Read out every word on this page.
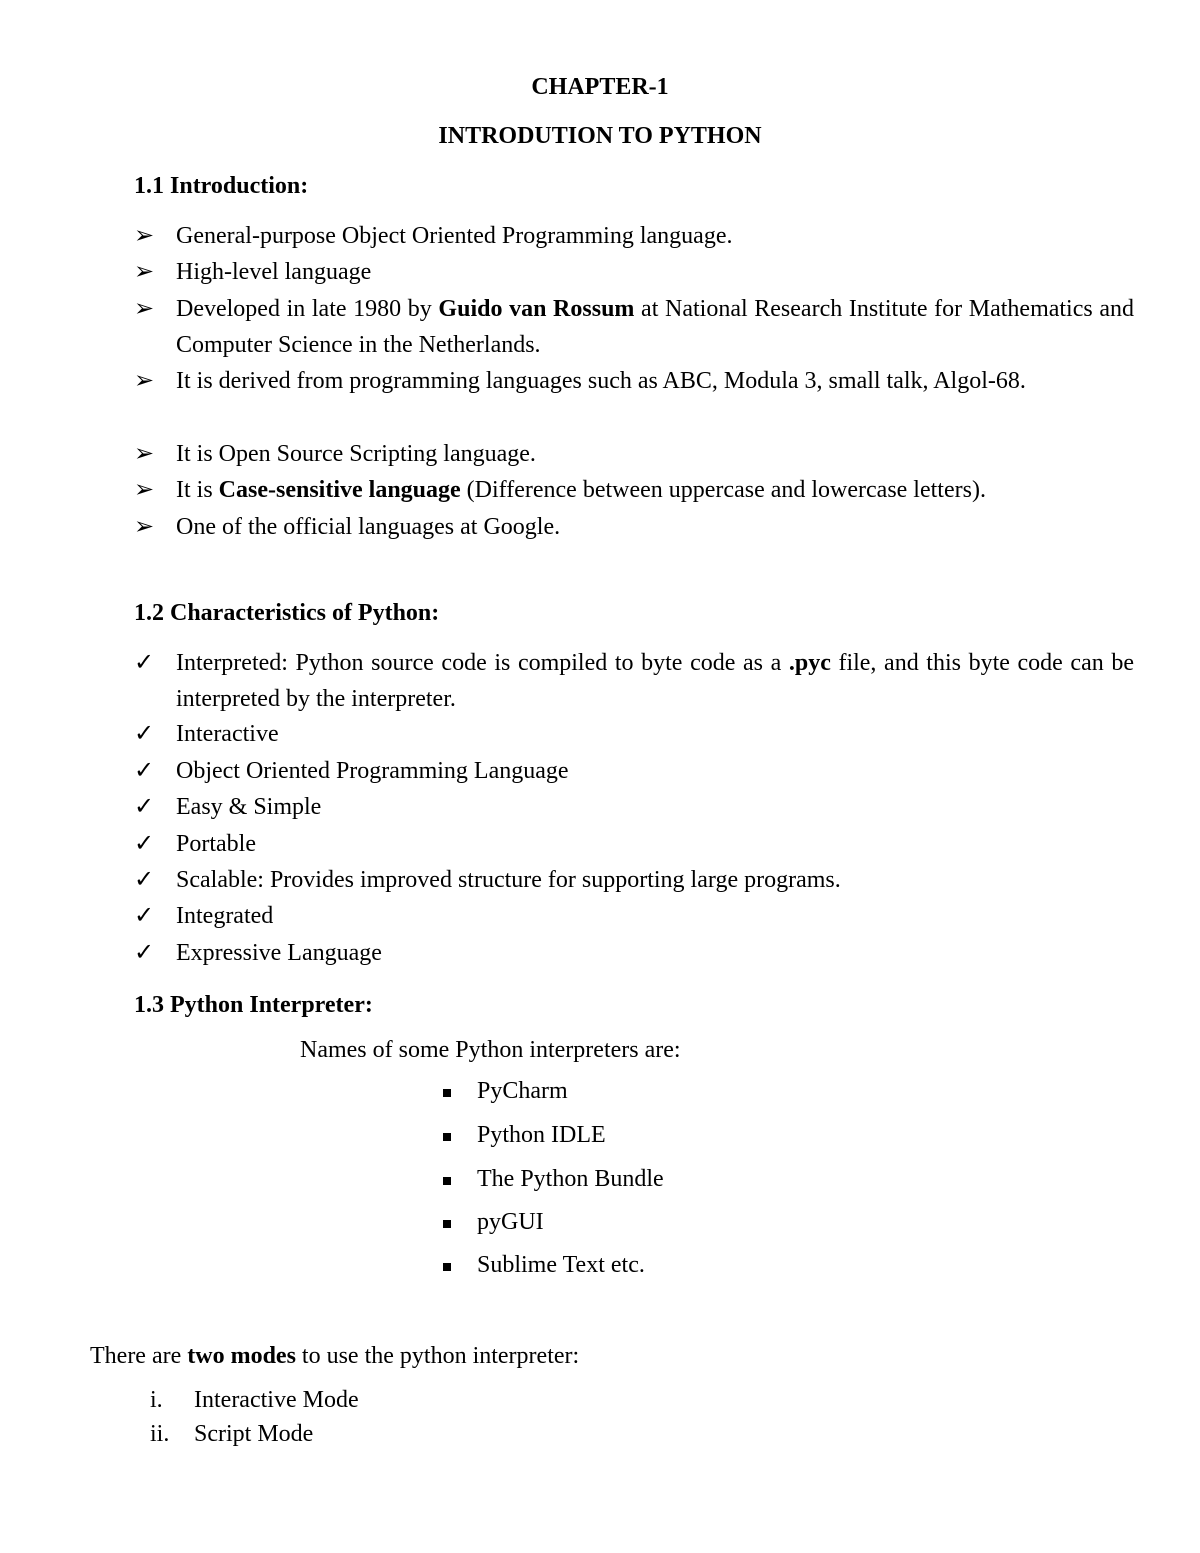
CHAPTER-1
INTRODUTION TO PYTHON
1.1 Introduction:
➢ General-purpose Object Oriented Programming language.
➢ High-level language
➢ Developed in late 1980 by Guido van Rossum at National Research Institute for Mathematics and Computer Science in the Netherlands.
➢ It is derived from programming languages such as ABC, Modula 3, small talk, Algol-68.
➢ It is Open Source Scripting language.
➢ It is Case-sensitive language (Difference between uppercase and lowercase letters).
➢ One of the official languages at Google.
1.2 Characteristics of Python:
✓ Interpreted: Python source code is compiled to byte code as a .pyc file, and this byte code can be interpreted by the interpreter.
✓ Interactive
✓ Object Oriented Programming Language
✓ Easy & Simple
✓ Portable
✓ Scalable: Provides improved structure for supporting large programs.
✓ Integrated
✓ Expressive Language
1.3 Python Interpreter:
Names of some Python interpreters are:
PyCharm
Python IDLE
The Python Bundle
pyGUI
Sublime Text etc.
There are two modes to use the python interpreter:
i. Interactive Mode
ii. Script Mode
